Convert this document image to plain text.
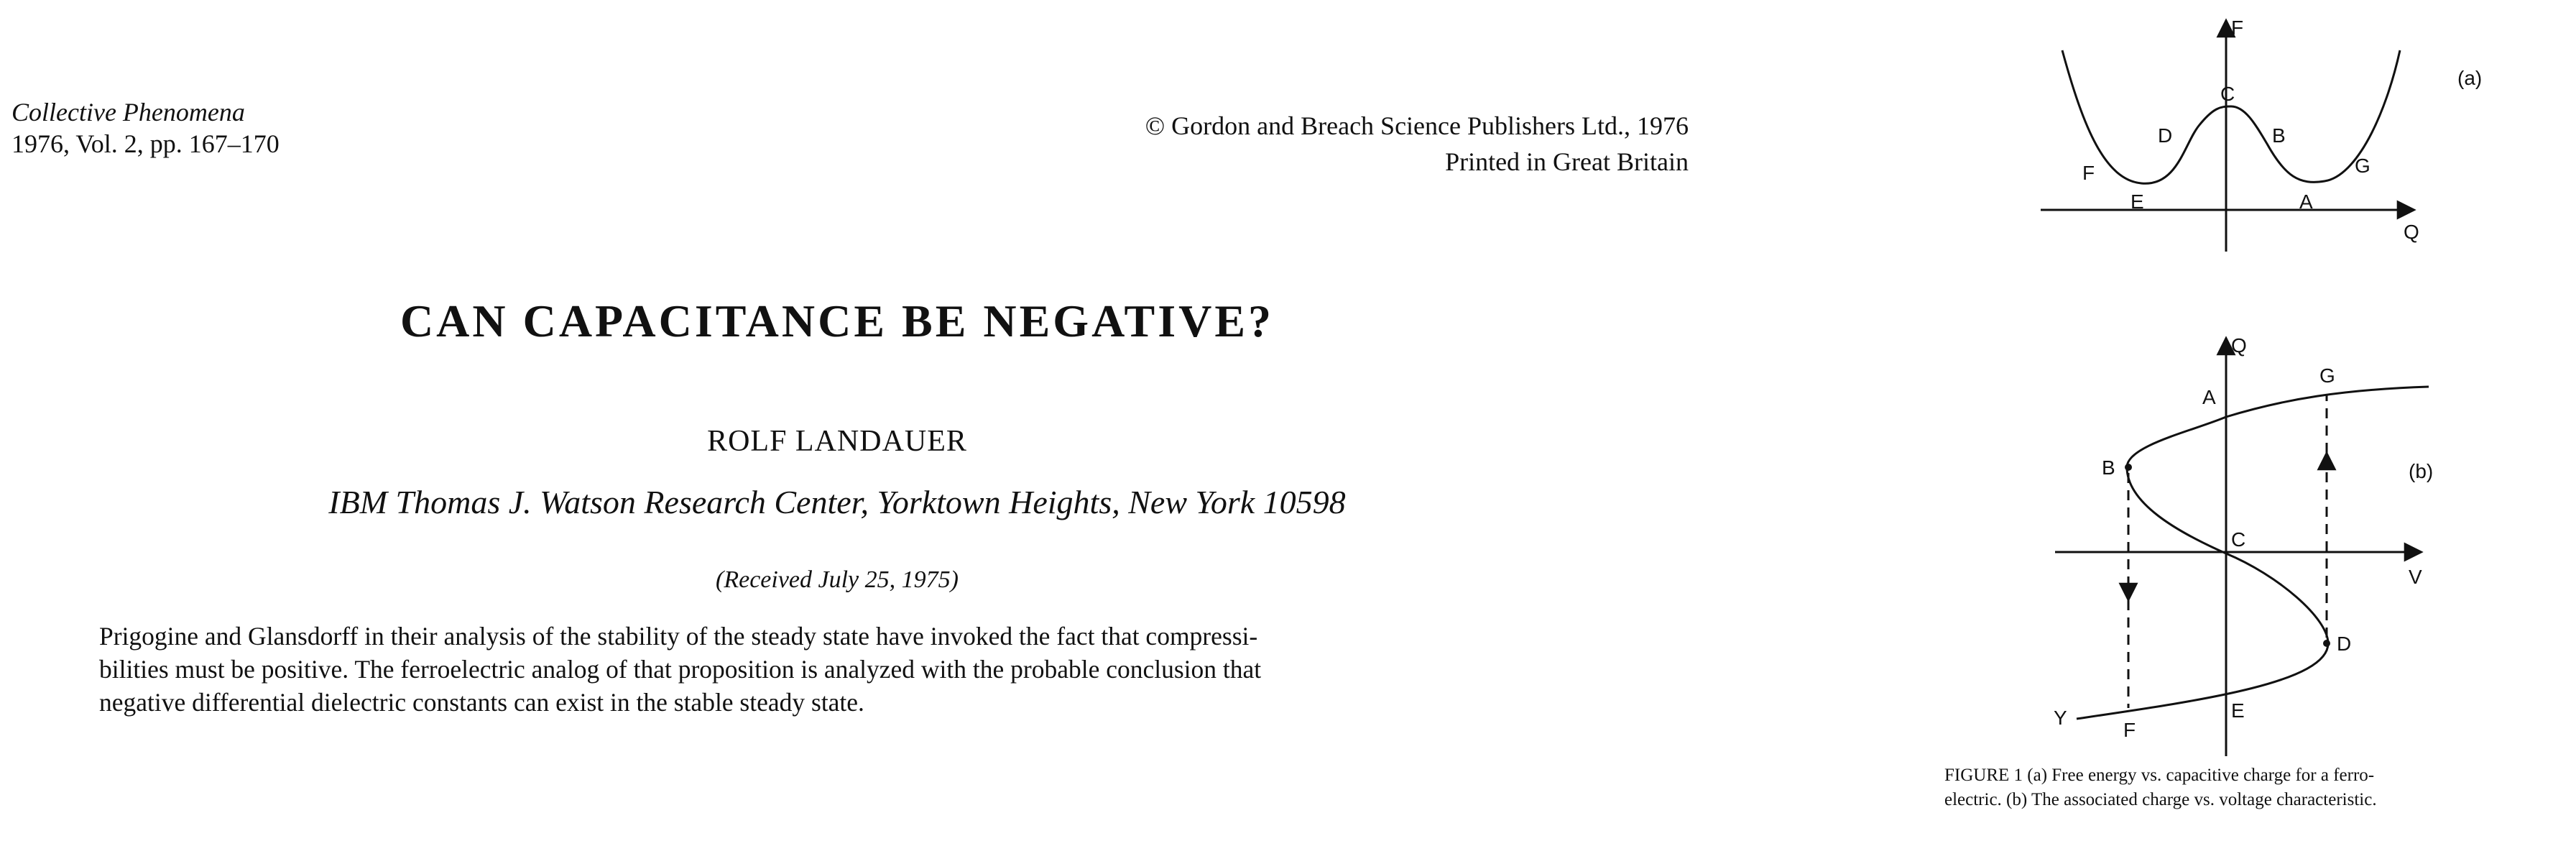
Collective Phenomena
1976, Vol. 2, pp. 167–170
© Gordon and Breach Science Publishers Ltd., 1976
Printed in Great Britain
CAN CAPACITANCE BE NEGATIVE?
ROLF LANDAUER
IBM Thomas J. Watson Research Center, Yorktown Heights, New York 10598
(Received July 25, 1975)

Prigogine and Glansdorff in their analysis of the stability of the steady state have invoked the fact that compressi-

bilities must be positive. The ferroelectric analog of that proposition is analyzed with the probable conclusion that

negative differential dielectric constants can exist in the stable steady state.

F
Q
(a)
C
D	B
F	G
E	A
Q
V
(b)
A
G
B
C
D
E
Y
F
FIGURE 1 (a) Free energy vs. capacitive charge for a ferro-
electric. (b) The associated charge vs. voltage characteristic.
